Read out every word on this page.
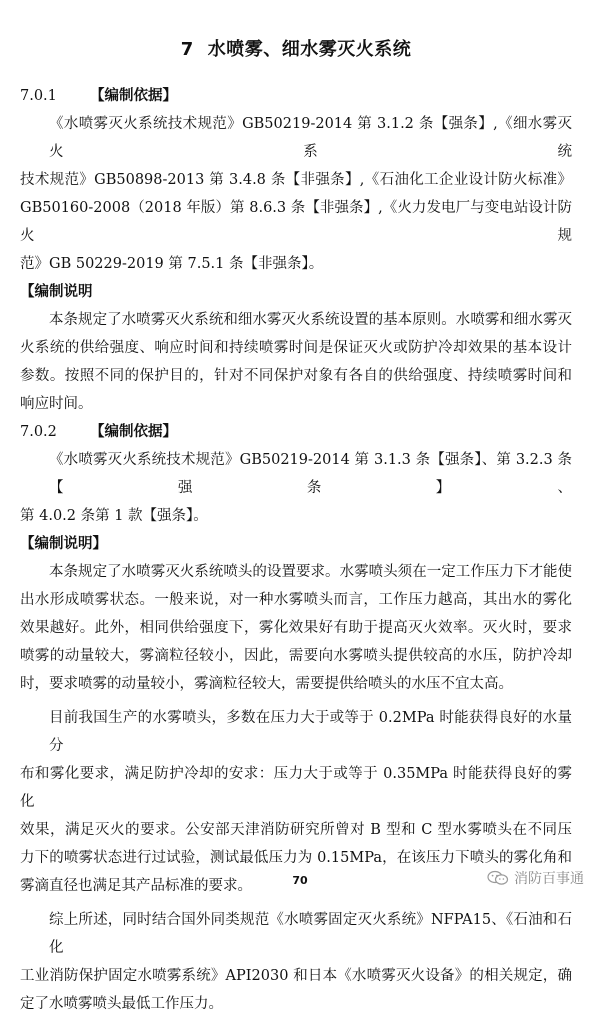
7 水喷雾、细水雾灭火系统
7.0.1 【编制依据】
《水喷雾灭火系统技术规范》GB50219-2014 第 3.1.2 条【强条】,《细水雾灭火系统
技术规范》GB50898-2013 第 3.4.8 条【非强条】,《石油化工企业设计防火标准》
GB50160-2008（2018 年版）第 8.6.3 条【非强条】,《火力发电厂与变电站设计防火规
范》GB 50229-2019 第 7.5.1 条【非强条】。
【编制说明
本条规定了水喷雾灭火系统和细水雾灭火系统设置的基本原则。水喷雾和细水雾灭
火系统的供给强度、响应时间和持续喷雾时间是保证灭火或防护冷却效果的基本设计
参数。按照不同的保护目的，针对不同保护对象有各自的供给强度、持续喷雾时间和
响应时间。
7.0.2 【编制依据】
《水喷雾灭火系统技术规范》GB50219-2014 第 3.1.3 条【强条】、第 3.2.3 条【强条】、
第 4.0.2 条第 1 款【强条】。
【编制说明】
本条规定了水喷雾灭火系统喷头的设置要求。水雾喷头须在一定工作压力下才能使
出水形成喷雾状态。一般来说，对一种水雾喷头而言，工作压力越高，其出水的雾化
效果越好。此外，相同供给强度下，雾化效果好有助于提高灭火效率。灭火时，要求
喷雾的动量较大，雾滴粒径较小，因此，需要向水雾喷头提供较高的水压，防护冷却
时，要求喷雾的动量较小，雾滴粒径较大，需要提供给喷头的水压不宜太高。
目前我国生产的水雾喷头，多数在压力大于或等于 0.2MPa 时能获得良好的水量分
布和雾化要求，满足防护冷却的安求：压力大于或等于 0.35MPa 时能获得良好的雾化
效果，满足灭火的要求。公安部天津消防研究所曾对 B 型和 C 型水雾喷头在不同压
力下的喷雾状态进行过试验，测试最低压力为 0.15MPa，在该压力下喷头的雾化角和
雾滴直径也满足其产品标准的要求。
综上所述，同时结合国外同类规范《水喷雾固定灭火系统》NFPA15、《石油和石化
工业消防保护固定水喷雾系统》API2030 和日本《水喷雾灭火设备》的相关规定，确
定了水喷雾喷头最低工作压力。
70	消防百事通
